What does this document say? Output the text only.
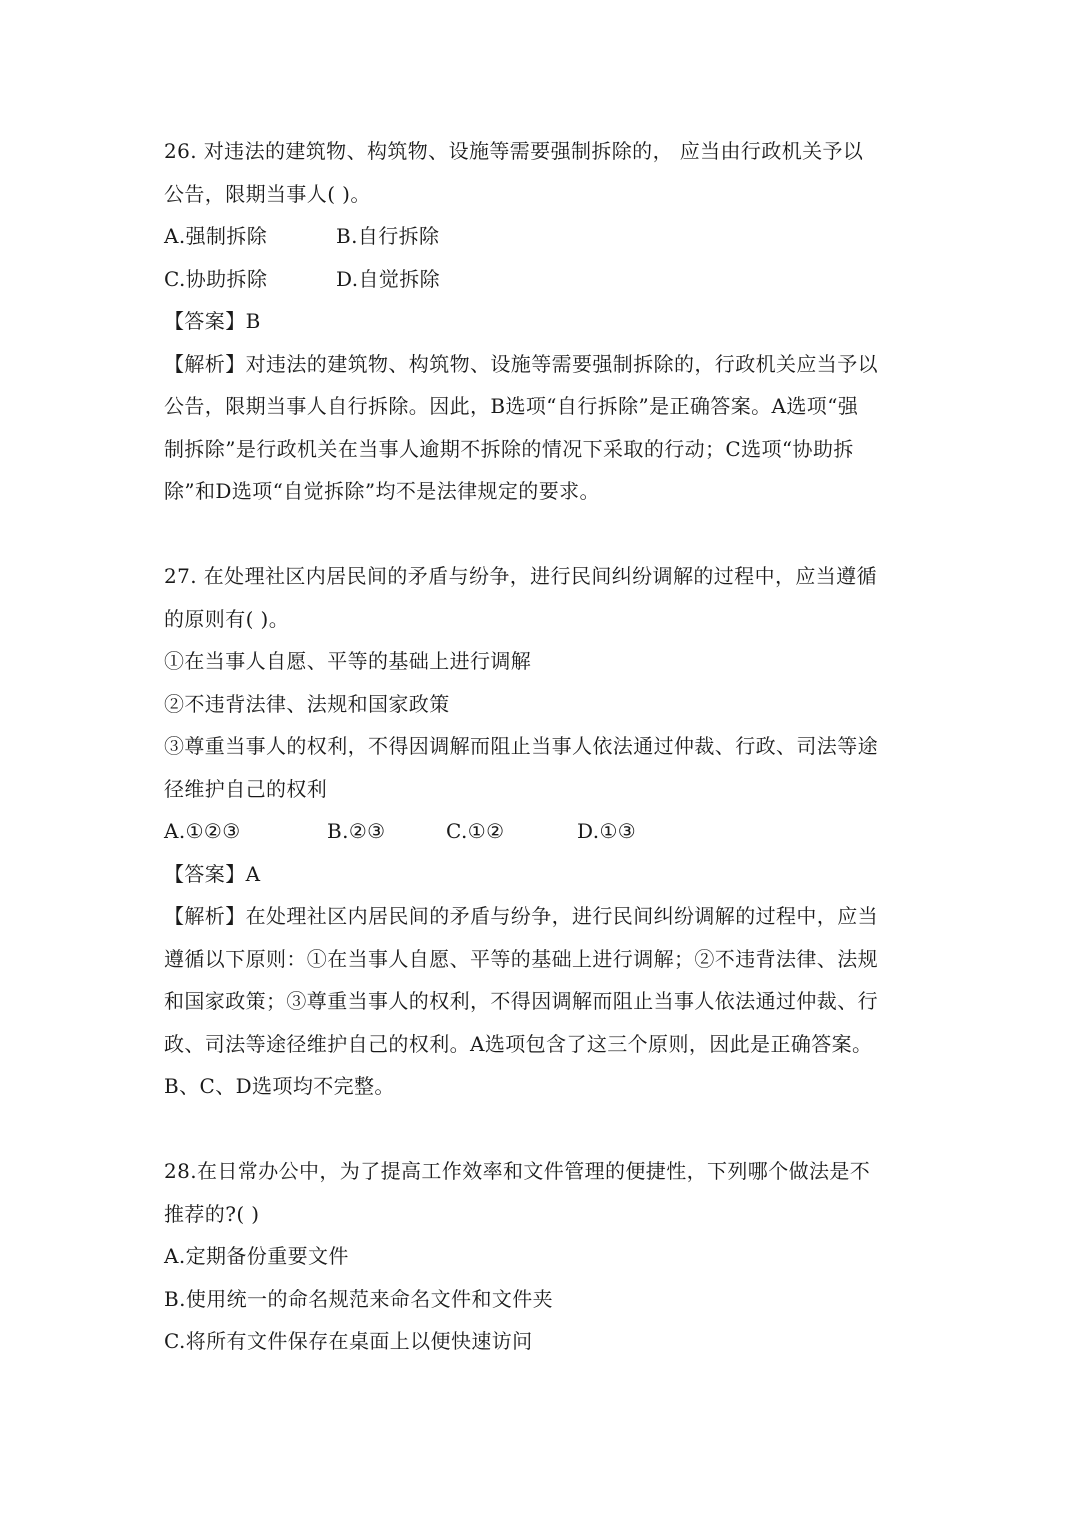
26. 对违法的建筑物、构筑物、设施等需要强制拆除的， 应当由行政机关予以
公告，限期当事人( )。
A.强制拆除	B.自行拆除
C.协助拆除	D.自觉拆除
【答案】B
【解析】对违法的建筑物、构筑物、设施等需要强制拆除的，行政机关应当予以
公告，限期当事人自行拆除。因此，B选项“自行拆除”是正确答案。A选项“强
制拆除”是行政机关在当事人逾期不拆除的情况下采取的行动；C选项“协助拆
除”和D选项“自觉拆除”均不是法律规定的要求。
27. 在处理社区内居民间的矛盾与纷争，进行民间纠纷调解的过程中，应当遵循
的原则有( )。
①在当事人自愿、平等的基础上进行调解
②不违背法律、法规和国家政策
③尊重当事人的权利，不得因调解而阻止当事人依法通过仲裁、行政、司法等途
径维护自己的权利
A.①②③	B.②③	C.①②	D.①③
【答案】A
【解析】在处理社区内居民间的矛盾与纷争，进行民间纠纷调解的过程中，应当
遵循以下原则：①在当事人自愿、平等的基础上进行调解；②不违背法律、法规
和国家政策；③尊重当事人的权利，不得因调解而阻止当事人依法通过仲裁、行
政、司法等途径维护自己的权利。A选项包含了这三个原则，因此是正确答案。
B、C、D选项均不完整。
28.在日常办公中，为了提高工作效率和文件管理的便捷性，下列哪个做法是不
推荐的?( )
A.定期备份重要文件
B.使用统一的命名规范来命名文件和文件夹
C.将所有文件保存在桌面上以便快速访问
